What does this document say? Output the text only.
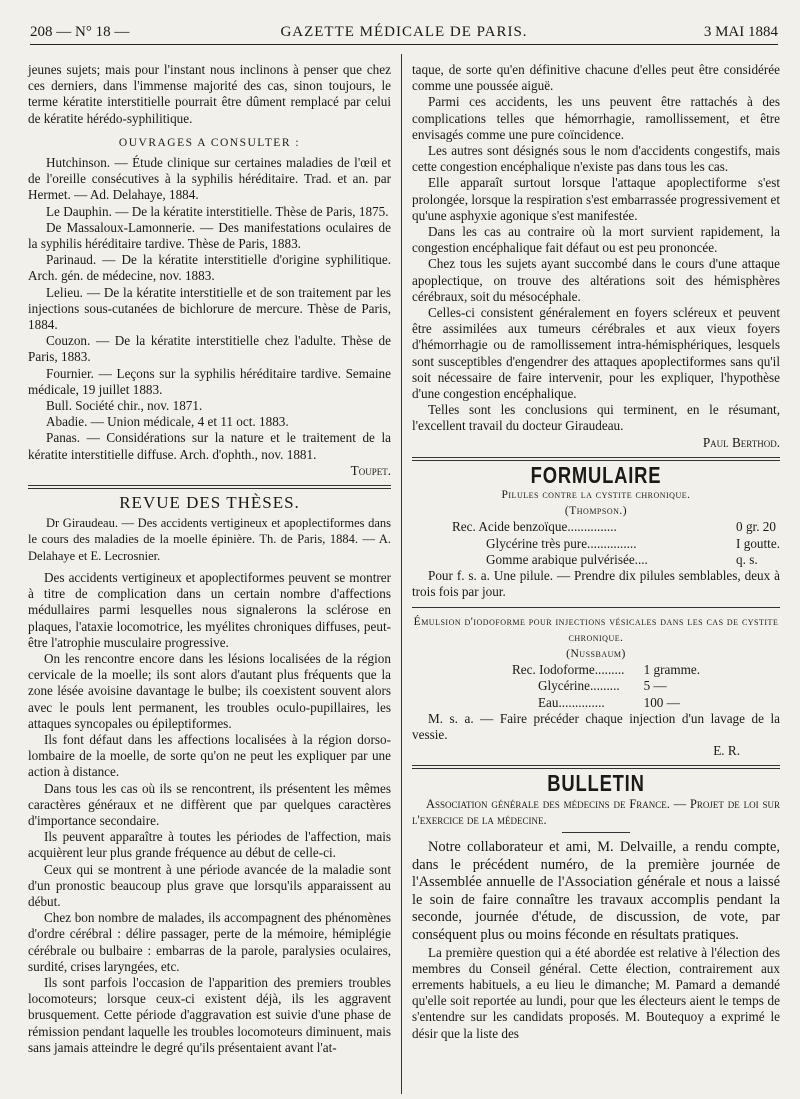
208 — N° 18 —	GAZETTE MÉDICALE DE PARIS.	3 MAI 1884

jeunes sujets; mais pour l'instant nous inclinons à penser que chez ces derniers, dans l'immense majorité des cas, sinon toujours, le terme kératite interstitielle pourrait être dûment remplacé par celui de kératite hérédo-syphilitique.

OUVRAGES A CONSULTER :

Hutchinson. — Étude clinique sur certaines maladies de l'œil et de l'oreille consécutives à la syphilis héréditaire. Trad. et an. par Hermet. — Ad. Delahaye, 1884.

Le Dauphin. — De la kératite interstitielle. Thèse de Paris, 1875.

De Massaloux-Lamonnerie. — Des manifestations oculaires de la syphilis héréditaire tardive. Thèse de Paris, 1883.

Parinaud. — De la kératite interstitielle d'origine syphilitique. Arch. gén. de médecine, nov. 1883.

Lelieu. — De la kératite interstitielle et de son traitement par les injections sous-cutanées de bichlorure de mercure. Thèse de Paris, 1884.

Couzon. — De la kératite interstitielle chez l'adulte. Thèse de Paris, 1883.

Fournier. — Leçons sur la syphilis héréditaire tardive. Semaine médicale, 19 juillet 1883.

Bull. Société chir., nov. 1871.

Abadie. — Union médicale, 4 et 11 oct. 1883.

Panas. — Considérations sur la nature et le traitement de la kératite interstitielle diffuse. Arch. d'ophth., nov. 1881.

Toupet.
REVUE DES THÈSES.

Dr Giraudeau. — Des accidents vertigineux et apoplectiformes dans le cours des maladies de la moelle épinière. Th. de Paris, 1884. — A. Delahaye et E. Lecrosnier.

Des accidents vertigineux et apoplectiformes peuvent se montrer à titre de complication dans un certain nombre d'affections médullaires parmi lesquelles nous signalerons la sclérose en plaques, l'ataxie locomotrice, les myélites chroniques diffuses, peut-être l'atrophie musculaire progressive.

On les rencontre encore dans les lésions localisées de la région cervicale de la moelle; ils sont alors d'autant plus fréquents que la zone lésée avoisine davantage le bulbe; ils coexistent souvent alors avec le pouls lent permanent, les troubles oculo-pupillaires, les attaques syncopales ou épileptiformes.

Ils font défaut dans les affections localisées à la région dorso-lombaire de la moelle, de sorte qu'on ne peut les expliquer par une action à distance.

Dans tous les cas où ils se rencontrent, ils présentent les mêmes caractères généraux et ne diffèrent que par quelques caractères d'importance secondaire.

Ils peuvent apparaître à toutes les périodes de l'affection, mais acquièrent leur plus grande fréquence au début de celle-ci.

Ceux qui se montrent à une période avancée de la maladie sont d'un pronostic beaucoup plus grave que lorsqu'ils apparaissent au début.

Chez bon nombre de malades, ils accompagnent des phénomènes d'ordre cérébral : délire passager, perte de la mémoire, hémiplégie cérébrale ou bulbaire : embarras de la parole, paralysies oculaires, surdité, crises laryngées, etc.

Ils sont parfois l'occasion de l'apparition des premiers troubles locomoteurs; lorsque ceux-ci existent déjà, ils les aggravent brusquement. Cette période d'aggravation est suivie d'une phase de rémission pendant laquelle les troubles locomoteurs diminuent, mais sans jamais atteindre le degré qu'ils présentaient avant l'at-

taque, de sorte qu'en définitive chacune d'elles peut être considérée comme une poussée aiguë.

Parmi ces accidents, les uns peuvent être rattachés à des complications telles que hémorrhagie, ramollissement, et être envisagés comme une pure coïncidence.

Les autres sont désignés sous le nom d'accidents congestifs, mais cette congestion encéphalique n'existe pas dans tous les cas.

Elle apparaît surtout lorsque l'attaque apoplectiforme s'est prolongée, lorsque la respiration s'est embarrassée progressivement et qu'une asphyxie agonique s'est manifestée.

Dans les cas au contraire où la mort survient rapidement, la congestion encéphalique fait défaut ou est peu prononcée.

Chez tous les sujets ayant succombé dans le cours d'une attaque apoplectique, on trouve des altérations soit des hémisphères cérébraux, soit du mésocéphale.

Celles-ci consistent généralement en foyers scléreux et peuvent être assimilées aux tumeurs cérébrales et aux vieux foyers d'hémorrhagie ou de ramollissement intra-hémisphériques, lesquels sont susceptibles d'engendrer des attaques apoplectiformes sans qu'il soit nécessaire de faire intervenir, pour les expliquer, l'hypothèse d'une congestion encéphalique.

Telles sont les conclusions qui terminent, en le résumant, l'excellent travail du docteur Giraudeau.

Paul Berthod.
FORMULAIRE
Pilules contre la cystite chronique.
(Thompson.)
Rec. Acide benzoïque...............	0 gr. 20
Glycérine très pure...............	I goutte.
Gomme arabique pulvérisée....	q. s.

Pour f. s. a. Une pilule. — Prendre dix pilules semblables, deux à trois fois par jour.

Émulsion d'iodoforme pour injections vésicales dans les cas de cystite chronique.
(Nussbaum)
Rec. Iodoforme.........	1 gramme.
Glycérine.........	5 —
Eau..............	100 —

M. s. a. — Faire précéder chaque injection d'un lavage de la vessie.

E. R.
BULLETIN

Association générale des médecins de France. — Projet de loi sur l'exercice de la médecine.

Notre collaborateur et ami, M. Delvaille, a rendu compte, dans le précédent numéro, de la première journée de l'Assemblée annuelle de l'Association générale et nous a laissé le soin de faire connaître les travaux accomplis pendant la seconde, journée d'étude, de discussion, de vote, par conséquent plus ou moins féconde en résultats pratiques.

La première question qui a été abordée est relative à l'élection des membres du Conseil général. Cette élection, contrairement aux errements habituels, a eu lieu le dimanche; M. Pamard a demandé qu'elle soit reportée au lundi, pour que les électeurs aient le temps de s'entendre sur les candidats proposés. M. Boutequoy a exprimé le désir que la liste des
